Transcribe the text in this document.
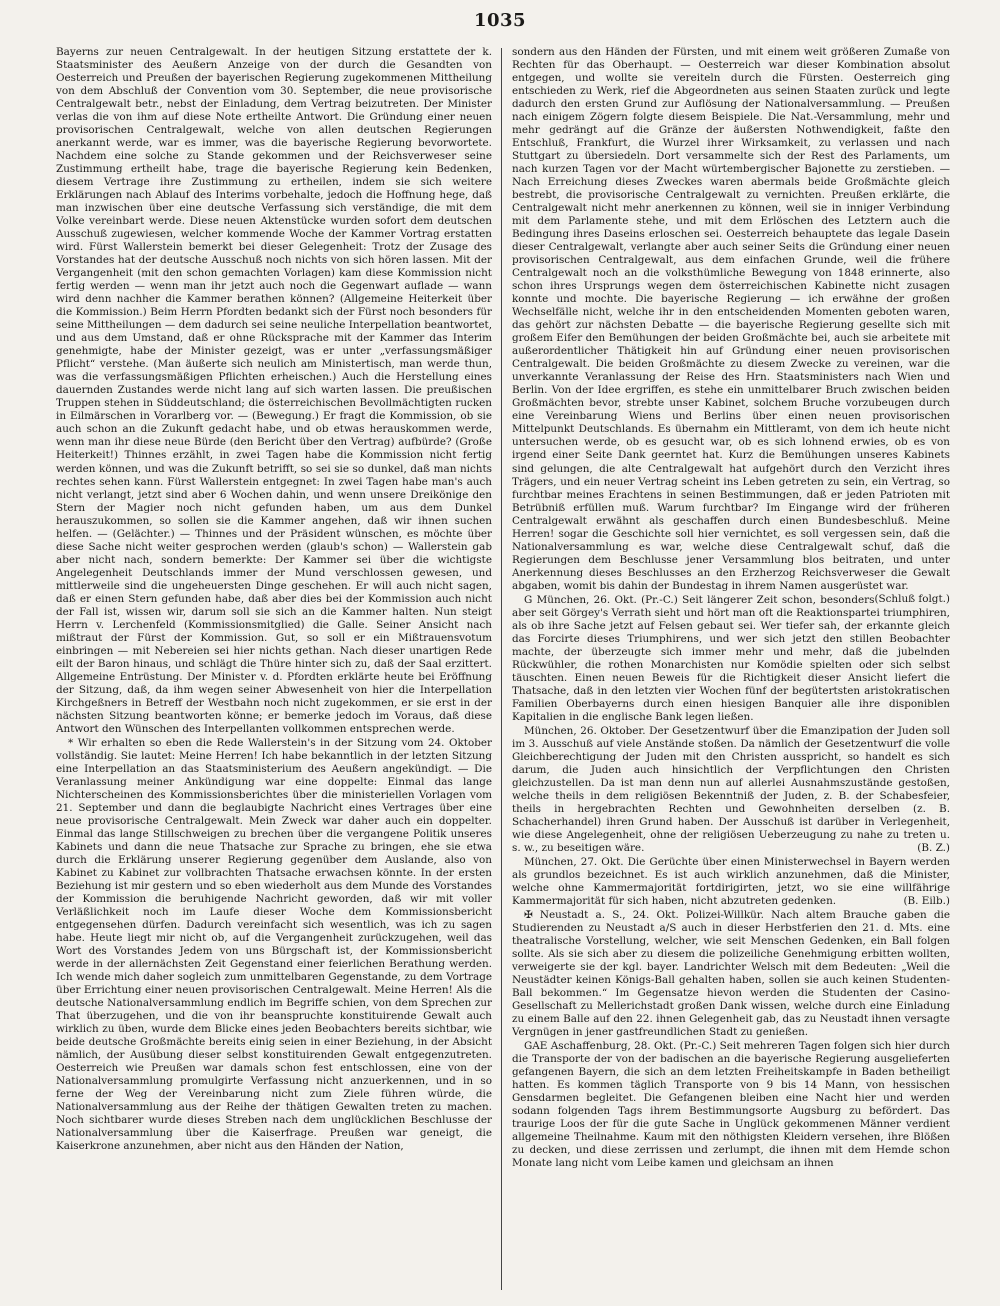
1035

Bayerns zur neuen Centralgewalt. In der heutigen Sitzung erstattete der k. Staatsminister des Aeußern Anzeige von der durch die Gesandten von Oesterreich und Preußen der bayerischen Regierung zugekommenen Mittheilung von dem Abschluß der Convention vom 30. September, die neue provisorische Centralgewalt betr., nebst der Einladung, dem Vertrag beizutreten. Der Minister verlas die von ihm auf diese Note ertheilte Antwort. Die Gründung einer neuen provisorischen Centralgewalt, welche von allen deutschen Regierungen anerkannt werde, war es immer, was die bayerische Regierung bevorwortete. Nachdem eine solche zu Stande gekommen und der Reichsverweser seine Zustimmung ertheilt habe, trage die bayerische Regierung kein Bedenken, diesem Vertrage ihre Zustimmung zu ertheilen, indem sie sich weitere Erklärungen nach Ablauf des Interims vorbehalte, jedoch die Hoffnung hege, daß man inzwischen über eine deutsche Verfassung sich verständige, die mit dem Volke vereinbart werde. Diese neuen Aktenstücke wurden sofort dem deutschen Ausschuß zugewiesen, welcher kommende Woche der Kammer Vortrag erstatten wird. Fürst Wallerstein bemerkt bei dieser Gelegenheit: Trotz der Zusage des Vorstandes hat der deutsche Ausschuß noch nichts von sich hören lassen. Mit der Vergangenheit (mit den schon gemachten Vorlagen) kam diese Kommission nicht fertig werden — wenn man ihr jetzt auch noch die Gegenwart auflade — wann wird denn nachher die Kammer berathen können? (Allgemeine Heiterkeit über die Kommission.) Beim Herrn Pfordten bedankt sich der Fürst noch besonders für seine Mittheilungen — dem dadurch sei seine neuliche Interpellation beantwortet, und aus dem Umstand, daß er ohne Rücksprache mit der Kammer das Interim genehmigte, habe der Minister gezeigt, was er unter „verfassungsmäßiger Pflicht“ verstehe. (Man äußerte sich neulich am Ministertisch, man werde thun, was die verfassungsmäßigen Pflichten erheischen.) Auch die Herstellung eines dauernden Zustandes werde nicht lang auf sich warten lassen. Die preußischen Truppen stehen in Süddeutschland; die österreichischen Bevollmächtigten rucken in Eilmärschen in Vorarlberg vor. — (Bewegung.) Er fragt die Kommission, ob sie auch schon an die Zukunft gedacht habe, und ob etwas herauskommen werde, wenn man ihr diese neue Bürde (den Bericht über den Vertrag) aufbürde? (Große Heiterkeit!) Thinnes erzählt, in zwei Tagen habe die Kommission nicht fertig werden können, und was die Zukunft betrifft, so sei sie so dunkel, daß man nichts rechtes sehen kann. Fürst Wallerstein entgegnet: In zwei Tagen habe man's auch nicht verlangt, jetzt sind aber 6 Wochen dahin, und wenn unsere Dreikönige den Stern der Magier noch nicht gefunden haben, um aus dem Dunkel herauszukommen, so sollen sie die Kammer angehen, daß wir ihnen suchen helfen. — (Gelächter.) — Thinnes und der Präsident wünschen, es möchte über diese Sache nicht weiter gesprochen werden (glaub's schon) — Wallerstein gab aber nicht nach, sondern bemerkte: Der Kammer sei über die wichtigste Angelegenheit Deutschlands immer der Mund verschlossen gewesen, und mittlerweile sind die ungeheuersten Dinge geschehen. Er will auch nicht sagen, daß er einen Stern gefunden habe, daß aber dies bei der Kommission auch nicht der Fall ist, wissen wir, darum soll sie sich an die Kammer halten. Nun steigt Herrn v. Lerchenfeld (Kommissionsmitglied) die Galle. Seiner Ansicht nach mißtraut der Fürst der Kommission. Gut, so soll er ein Mißtrauensvotum einbringen — mit Nebereien sei hier nichts gethan. Nach dieser unartigen Rede eilt der Baron hinaus, und schlägt die Thüre hinter sich zu, daß der Saal erzittert. Allgemeine Entrüstung. Der Minister v. d. Pfordten erklärte heute bei Eröffnung der Sitzung, daß, da ihm wegen seiner Abwesenheit von hier die Interpellation Kirchgeßners in Betreff der Westbahn noch nicht zugekommen, er sie erst in der nächsten Sitzung beantworten könne; er bemerke jedoch im Voraus, daß diese Antwort den Wünschen des Interpellanten vollkommen entsprechen werde.

* Wir erhalten so eben die Rede Wallerstein's in der Sitzung vom 24. Oktober vollständig. Sie lautet: Meine Herren! Ich habe bekanntlich in der letzten Sitzung eine Interpellation an das Staatsministerium des Aeußern angekündigt. — Die Veranlassung meiner Ankündigung war eine doppelte: Einmal das lange Nichterscheinen des Kommissionsberichtes über die ministeriellen Vorlagen vom 21. September und dann die beglaubigte Nachricht eines Vertrages über eine neue provisorische Centralgewalt. Mein Zweck war daher auch ein doppelter. Einmal das lange Stillschweigen zu brechen über die vergangene Politik unseres Kabinets und dann die neue Thatsache zur Sprache zu bringen, ehe sie etwa durch die Erklärung unserer Regierung gegenüber dem Auslande, also von Kabinet zu Kabinet zur vollbrachten Thatsache erwachsen könnte. In der ersten Beziehung ist mir gestern und so eben wiederholt aus dem Munde des Vorstandes der Kommission die beruhigende Nachricht geworden, daß wir mit voller Verläßlichkeit noch im Laufe dieser Woche dem Kommissionsbericht entgegensehen dürfen. Dadurch vereinfacht sich wesentlich, was ich zu sagen habe. Heute liegt mir nicht ob, auf die Vergangenheit zurückzugehen, weil das Wort des Vorstandes Jedem von uns Bürgschaft ist, der Kommissionsbericht werde in der allernächsten Zeit Gegenstand einer feierlichen Berathung werden. Ich wende mich daher sogleich zum unmittelbaren Gegenstande, zu dem Vortrage über Errichtung einer neuen provisorischen Centralgewalt. Meine Herren! Als die deutsche Nationalversammlung endlich im Begriffe schien, von dem Sprechen zur That überzugehen, und die von ihr beanspruchte konstituirende Gewalt auch wirklich zu üben, wurde dem Blicke eines jeden Beobachters bereits sichtbar, wie beide deutsche Großmächte bereits einig seien in einer Beziehung, in der Absicht nämlich, der Ausübung dieser selbst konstituirenden Gewalt entgegenzutreten. Oesterreich wie Preußen war damals schon fest entschlossen, eine von der Nationalversammlung promulgirte Verfassung nicht anzuerkennen, und in so ferne der Weg der Vereinbarung nicht zum Ziele führen würde, die Nationalversammlung aus der Reihe der thätigen Gewalten treten zu machen. Noch sichtbarer wurde dieses Streben nach dem unglücklichen Beschlusse der Nationalversammlung über die Kaiserfrage. Preußen war geneigt, die Kaiserkrone anzunehmen, aber nicht aus den Händen der Nation,

sondern aus den Händen der Fürsten, und mit einem weit größeren Zumaße von Rechten für das Oberhaupt. — Oesterreich war dieser Kombination absolut entgegen, und wollte sie vereiteln durch die Fürsten. Oesterreich ging entschieden zu Werk, rief die Abgeordneten aus seinen Staaten zurück und legte dadurch den ersten Grund zur Auflösung der Nationalversammlung. — Preußen nach einigem Zögern folgte diesem Beispiele. Die Nat.-Versammlung, mehr und mehr gedrängt auf die Gränze der äußersten Nothwendigkeit, faßte den Entschluß, Frankfurt, die Wurzel ihrer Wirksamkeit, zu verlassen und nach Stuttgart zu übersiedeln. Dort versammelte sich der Rest des Parlaments, um nach kurzen Tagen vor der Macht würtembergischer Bajonette zu zerstieben. — Nach Erreichung dieses Zweckes waren abermals beide Großmächte gleich bestrebt, die provisorische Centralgewalt zu vernichten. Preußen erklärte, die Centralgewalt nicht mehr anerkennen zu können, weil sie in inniger Verbindung mit dem Parlamente stehe, und mit dem Erlöschen des Letztern auch die Bedingung ihres Daseins erloschen sei. Oesterreich behauptete das legale Dasein dieser Centralgewalt, verlangte aber auch seiner Seits die Gründung einer neuen provisorischen Centralgewalt, aus dem einfachen Grunde, weil die frühere Centralgewalt noch an die volksthümliche Bewegung von 1848 erinnerte, also schon ihres Ursprungs wegen dem österreichischen Kabinette nicht zusagen konnte und mochte. Die bayerische Regierung — ich erwähne der großen Wechselfälle nicht, welche ihr in den entscheidenden Momenten geboten waren, das gehört zur nächsten Debatte — die bayerische Regierung gesellte sich mit großem Eifer den Bemühungen der beiden Großmächte bei, auch sie arbeitete mit außerordentlicher Thätigkeit hin auf Gründung einer neuen provisorischen Centralgewalt. Die beiden Großmächte zu diesem Zwecke zu vereinen, war die unverkannte Veranlassung der Reise des Hrn. Staatsministers nach Wien und Berlin. Von der Idee ergriffen, es stehe ein unmittelbarer Bruch zwischen beiden Großmächten bevor, strebte unser Kabinet, solchem Bruche vorzubeugen durch eine Vereinbarung Wiens und Berlins über einen neuen provisorischen Mittelpunkt Deutschlands. Es übernahm ein Mittleramt, von dem ich heute nicht untersuchen werde, ob es gesucht war, ob es sich lohnend erwies, ob es von irgend einer Seite Dank geerntet hat. Kurz die Bemühungen unseres Kabinets sind gelungen, die alte Centralgewalt hat aufgehört durch den Verzicht ihres Trägers, und ein neuer Vertrag scheint ins Leben getreten zu sein, ein Vertrag, so furchtbar meines Erachtens in seinen Bestimmungen, daß er jeden Patrioten mit Betrübniß erfüllen muß. Warum furchtbar? Im Eingange wird der früheren Centralgewalt erwähnt als geschaffen durch einen Bundesbeschluß. Meine Herren! sogar die Geschichte soll hier vernichtet, es soll vergessen sein, daß die Nationalversammlung es war, welche diese Centralgewalt schuf, daß die Regierungen dem Beschlusse jener Versammlung blos beitraten, und unter Anerkennung dieses Beschlusses an den Erzherzog Reichsverweser die Gewalt abgaben, womit bis dahin der Bundestag in ihrem Namen ausgerüstet war.
(Schluß folgt.)

G München, 26. Okt. (Pr.-C.) Seit längerer Zeit schon, besonders aber seit Görgey's Verrath sieht und hört man oft die Reaktionspartei triumphiren, als ob ihre Sache jetzt auf Felsen gebaut sei. Wer tiefer sah, der erkannte gleich das Forcirte dieses Triumphirens, und wer sich jetzt den stillen Beobachter machte, der überzeugte sich immer mehr und mehr, daß die jubelnden Rückwühler, die rothen Monarchisten nur Komödie spielten oder sich selbst täuschten. Einen neuen Beweis für die Richtigkeit dieser Ansicht liefert die Thatsache, daß in den letzten vier Wochen fünf der begütertsten aristokratischen Familien Oberbayerns durch einen hiesigen Banquier alle ihre disponiblen Kapitalien in die englische Bank legen ließen.

München, 26. Oktober. Der Gesetzentwurf über die Emanzipation der Juden soll im 3. Ausschuß auf viele Anstände stoßen. Da nämlich der Gesetzentwurf die volle Gleichberechtigung der Juden mit den Christen ausspricht, so handelt es sich darum, die Juden auch hinsichtlich der Verpflichtungen den Christen gleichzustellen. Da ist man denn nun auf allerlei Ausnahmszustände gestoßen, welche theils in dem religiösen Bekenntniß der Juden, z. B. der Schabesfeier, theils in hergebrachten Rechten und Gewohnheiten derselben (z. B. Schacherhandel) ihren Grund haben. Der Ausschuß ist darüber in Verlegenheit, wie diese Angelegenheit, ohne der religiösen Ueberzeugung zu nahe zu treten u. s. w., zu beseitigen wäre.	(B. Z.)

München, 27. Okt. Die Gerüchte über einen Ministerwechsel in Bayern werden als grundlos bezeichnet. Es ist auch wirklich anzunehmen, daß die Minister, welche ohne Kammermajorität fortdirigirten, jetzt, wo sie eine willfährige Kammermajorität für sich haben, nicht abzutreten gedenken.	(B. Eilb.)

✠ Neustadt a. S., 24. Okt. Polizei-Willkür. Nach altem Brauche gaben die Studierenden zu Neustadt a/S auch in dieser Herbstferien den 21. d. Mts. eine theatralische Vorstellung, welcher, wie seit Menschen Gedenken, ein Ball folgen sollte. Als sie sich aber zu diesem die polizeiliche Genehmigung erbitten wollten, verweigerte sie der kgl. bayer. Landrichter Welsch mit dem Bedeuten: „Weil die Neustädter keinen Königs-Ball gehalten haben, sollen sie auch keinen Studenten-Ball bekommen.“ Im Gegensatze hievon werden die Studenten der Casino-Gesellschaft zu Mellerichstadt großen Dank wissen, welche durch eine Einladung zu einem Balle auf den 22. ihnen Gelegenheit gab, das zu Neustadt ihnen versagte Vergnügen in jener gastfreundlichen Stadt zu genießen.

GAE Aschaffenburg, 28. Okt. (Pr.-C.) Seit mehreren Tagen folgen sich hier durch die Transporte der von der badischen an die bayerische Regierung ausgelieferten gefangenen Bayern, die sich an dem letzten Freiheitskampfe in Baden betheiligt hatten. Es kommen täglich Transporte von 9 bis 14 Mann, von hessischen Gensdarmen begleitet. Die Gefangenen bleiben eine Nacht hier und werden sodann folgenden Tags ihrem Bestimmungsorte Augsburg zu befördert. Das traurige Loos der für die gute Sache in Unglück gekommenen Männer verdient allgemeine Theilnahme. Kaum mit den nöthigsten Kleidern versehen, ihre Blößen zu decken, und diese zerrissen und zerlumpt, die ihnen mit dem Hemde schon Monate lang nicht vom Leibe kamen und gleichsam an ihnen
